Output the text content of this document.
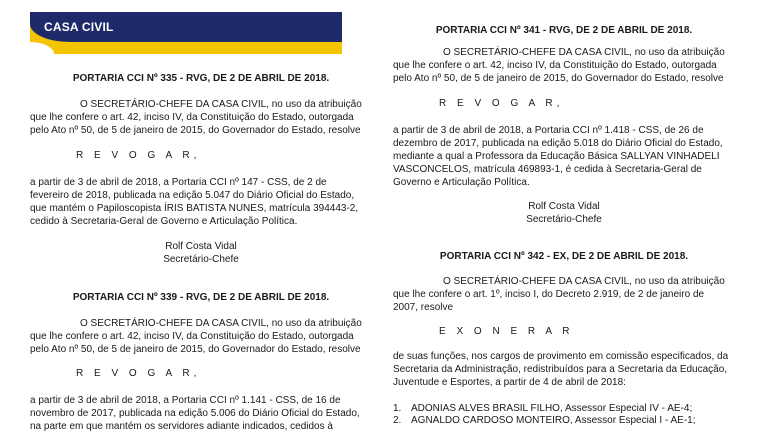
CASA CIVIL
PORTARIA CCI Nº 335 - RVG, DE 2 DE ABRIL DE 2018.
O SECRETÁRIO-CHEFE DA CASA CIVIL, no uso da atribuição
que lhe confere o art. 42, inciso IV, da Constituição do Estado, outorgada
pelo Ato nº 50, de 5 de janeiro de 2015, do Governador do Estado, resolve
R E V O G A R,
a partir de 3 de abril de 2018, a Portaria CCI nº 147 - CSS, de 2 de
fevereiro de 2018, publicada na edição 5.047 do Diário Oficial do Estado,
que mantém o Papiloscopista ÍRIS BATISTA NUNES, matrícula 394443-2,
cedido à Secretaria-Geral de Governo e Articulação Política.
Rolf Costa Vidal
Secretário-Chefe
PORTARIA CCI Nº 339 - RVG, DE 2 DE ABRIL DE 2018.
O SECRETÁRIO-CHEFE DA CASA CIVIL, no uso da atribuição
que lhe confere o art. 42, inciso IV, da Constituição do Estado, outorgada
pelo Ato nº 50, de 5 de janeiro de 2015, do Governador do Estado, resolve
R E V O G A R,
a partir de 3 de abril de 2018, a Portaria CCI nº 1.141 - CSS, de 16 de
novembro de 2017, publicada na edição 5.006 do Diário Oficial do Estado,
na parte em que mantém os servidores adiante indicados, cedidos à
PORTARIA CCI Nº 341 - RVG, DE 2 DE ABRIL DE 2018.
O SECRETÁRIO-CHEFE DA CASA CIVIL, no uso da atribuição
que lhe confere o art. 42, inciso IV, da Constituição do Estado, outorgada
pelo Ato nº 50, de 5 de janeiro de 2015, do Governador do Estado, resolve
R E V O G A R,
a partir de 3 de abril de 2018, a Portaria CCI nº 1.418 - CSS, de 26 de
dezembro de 2017, publicada na edição 5.018 do Diário Oficial do Estado,
mediante a qual a Professora da Educação Básica SALLYAN VINHADELI
VASCONCELOS, matrícula 469893-1, é cedida à Secretaria-Geral de
Governo e Articulação Política.
Rolf Costa Vidal
Secretário-Chefe
PORTARIA CCI Nº 342 - EX, DE 2 DE ABRIL DE 2018.
O SECRETÁRIO-CHEFE DA CASA CIVIL, no uso da atribuição
que lhe confere o art. 1º, inciso I, do Decreto 2.919, de 2 de janeiro de
2007, resolve
E X O N E R A R
de suas funções, nos cargos de provimento em comissão especificados, da
Secretaria da Administração, redistribuídos para a Secretaria da Educação,
Juventude e Esportes, a partir de 4 de abril de 2018:
1. ADONIAS ALVES BRASIL FILHO, Assessor Especial IV - AE-4;
2. AGNALDO CARDOSO MONTEIRO, Assessor Especial I - AE-1;
